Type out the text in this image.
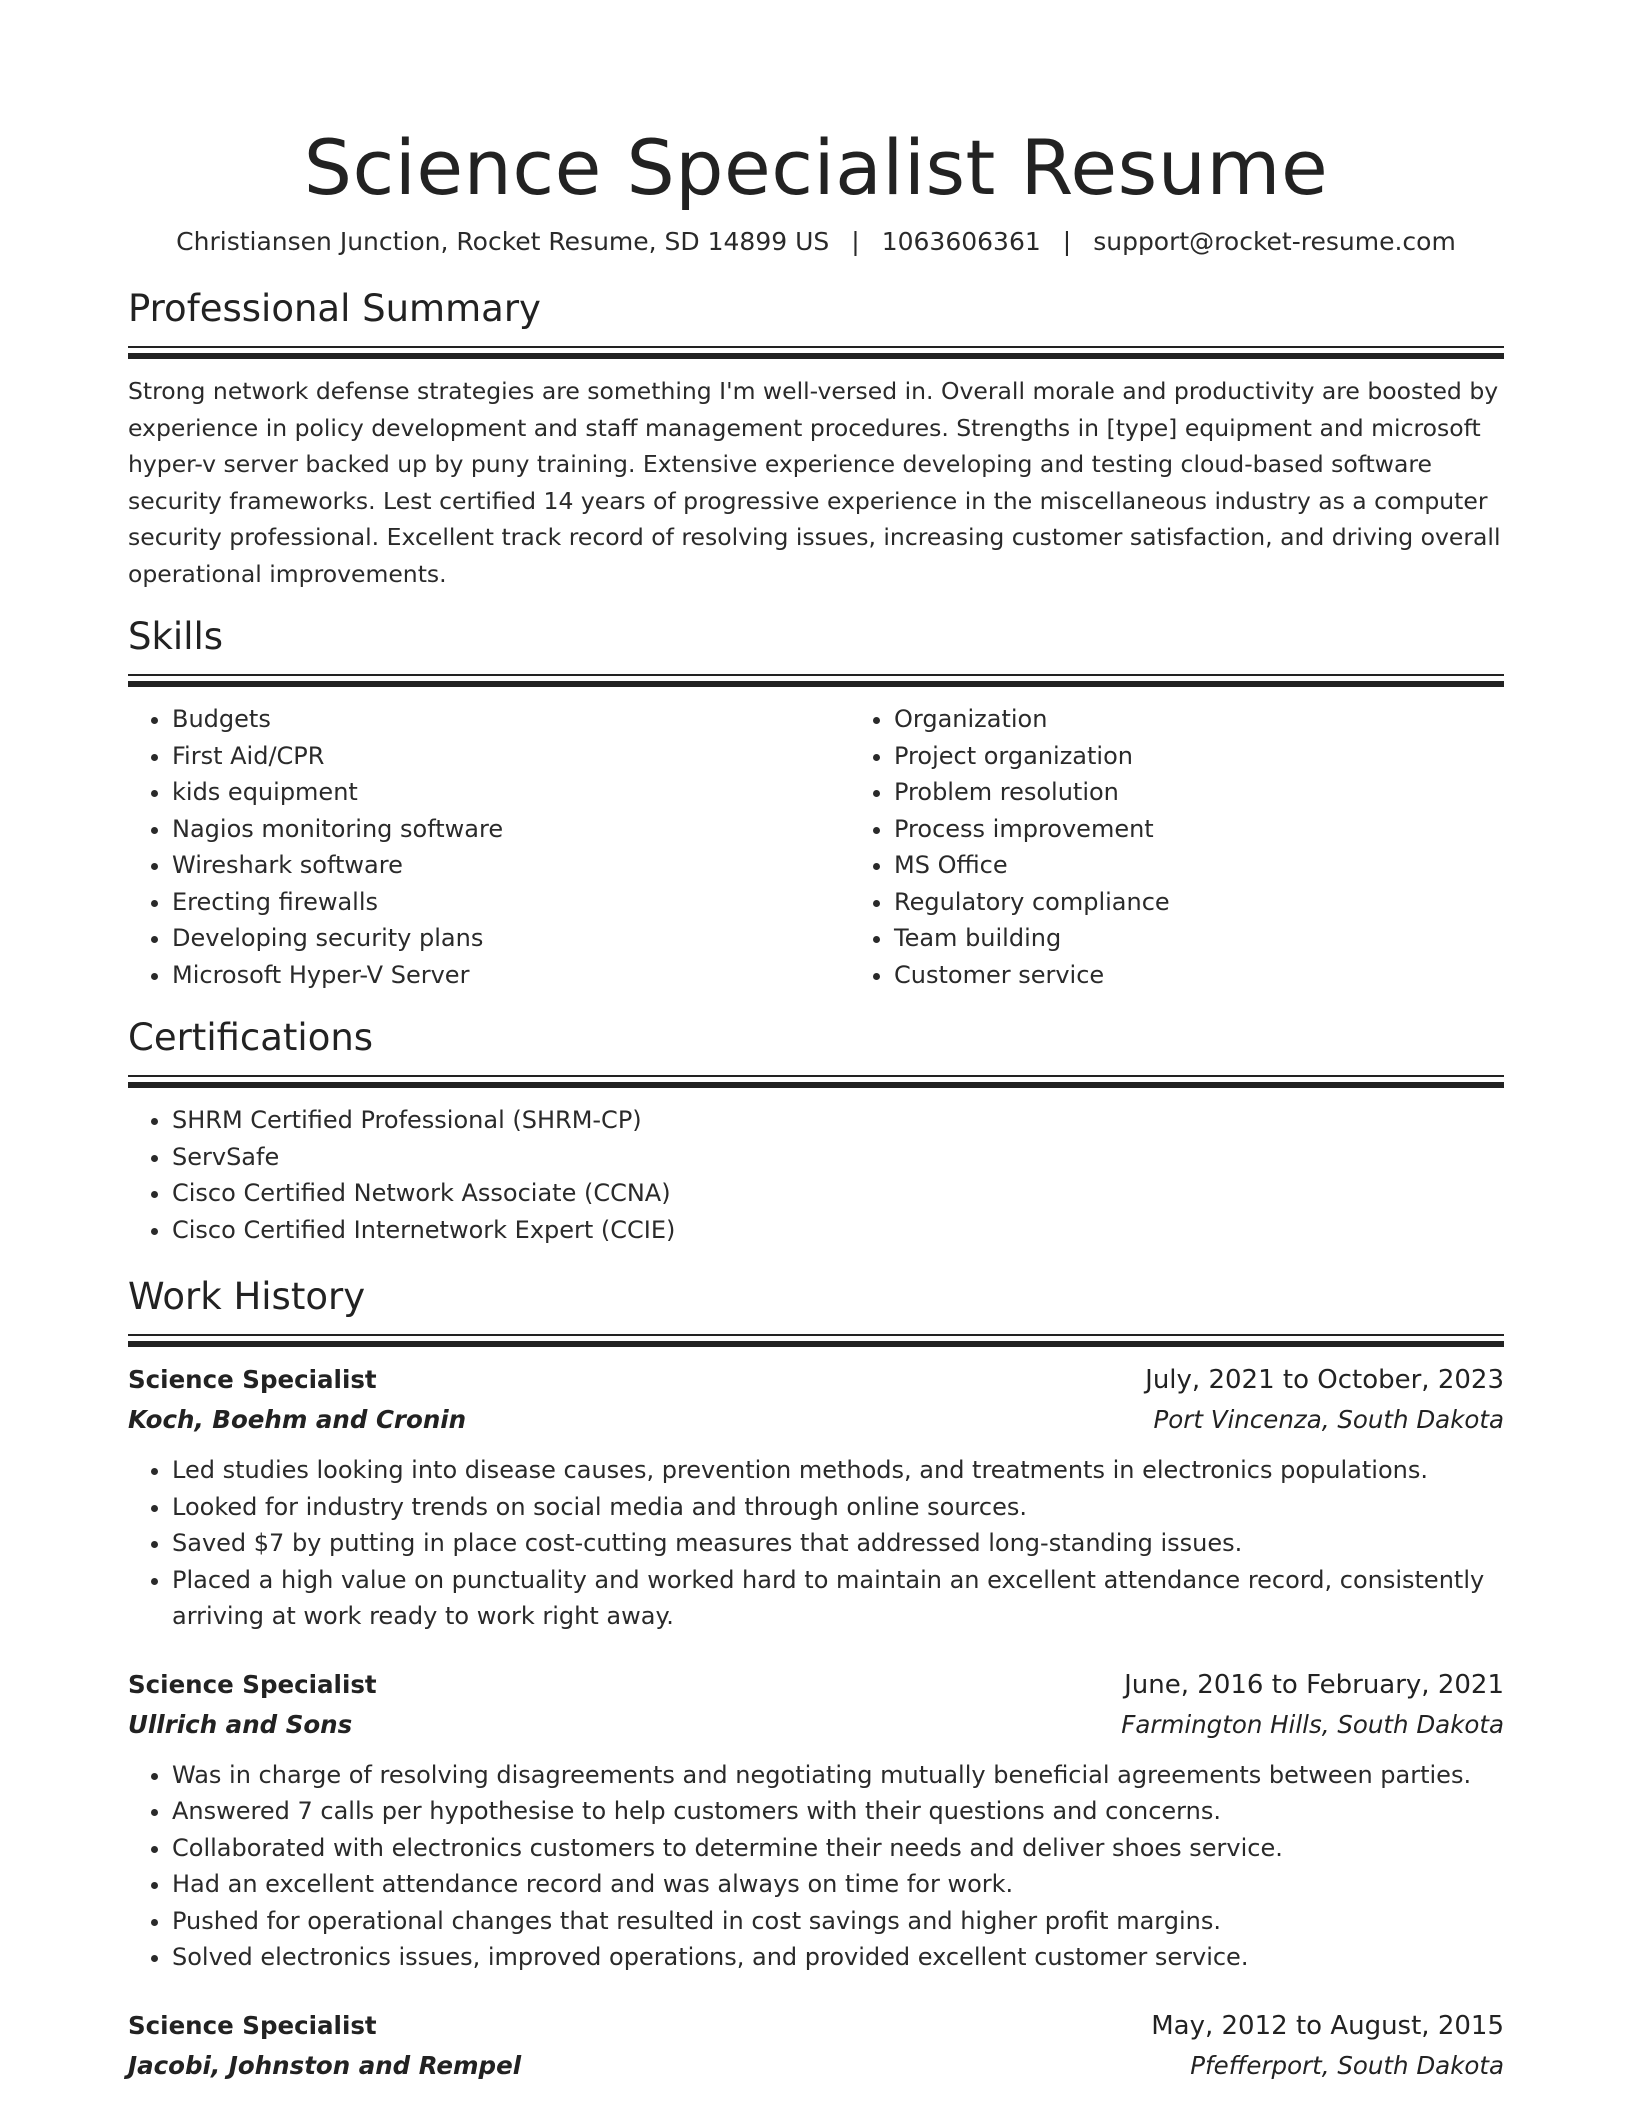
Science Specialist Resume
Christiansen Junction, Rocket Resume, SD 14899 US | 1063606361 | support@rocket-resume.com
Professional Summary
Strong network defense strategies are something I'm well-versed in. Overall morale and productivity are boosted by experience in policy development and staff management procedures. Strengths in [type] equipment and microsoft hyper-v server backed up by puny training. Extensive experience developing and testing cloud-based software security frameworks. Lest certified 14 years of progressive experience in the miscellaneous industry as a computer security professional. Excellent track record of resolving issues, increasing customer satisfaction, and driving overall operational improvements.
Skills
• Budgets
• First Aid/CPR
• kids equipment
• Nagios monitoring software
• Wireshark software
• Erecting firewalls
• Developing security plans
• Microsoft Hyper-V Server
• Organization
• Project organization
• Problem resolution
• Process improvement
• MS Office
• Regulatory compliance
• Team building
• Customer service
Certifications
• SHRM Certified Professional (SHRM-CP)
• ServSafe
• Cisco Certified Network Associate (CCNA)
• Cisco Certified Internetwork Expert (CCIE)
Work History
Science Specialist	July, 2021 to October, 2023
Koch, Boehm and Cronin	Port Vincenza, South Dakota
• Led studies looking into disease causes, prevention methods, and treatments in electronics populations.
• Looked for industry trends on social media and through online sources.
• Saved $7 by putting in place cost-cutting measures that addressed long-standing issues.
• Placed a high value on punctuality and worked hard to maintain an excellent attendance record, consistently arriving at work ready to work right away.
Science Specialist	June, 2016 to February, 2021
Ullrich and Sons	Farmington Hills, South Dakota
• Was in charge of resolving disagreements and negotiating mutually beneficial agreements between parties.
• Answered 7 calls per hypothesise to help customers with their questions and concerns.
• Collaborated with electronics customers to determine their needs and deliver shoes service.
• Had an excellent attendance record and was always on time for work.
• Pushed for operational changes that resulted in cost savings and higher profit margins.
• Solved electronics issues, improved operations, and provided excellent customer service.
Science Specialist	May, 2012 to August, 2015
Jacobi, Johnston and Rempel	Pfefferport, South Dakota
